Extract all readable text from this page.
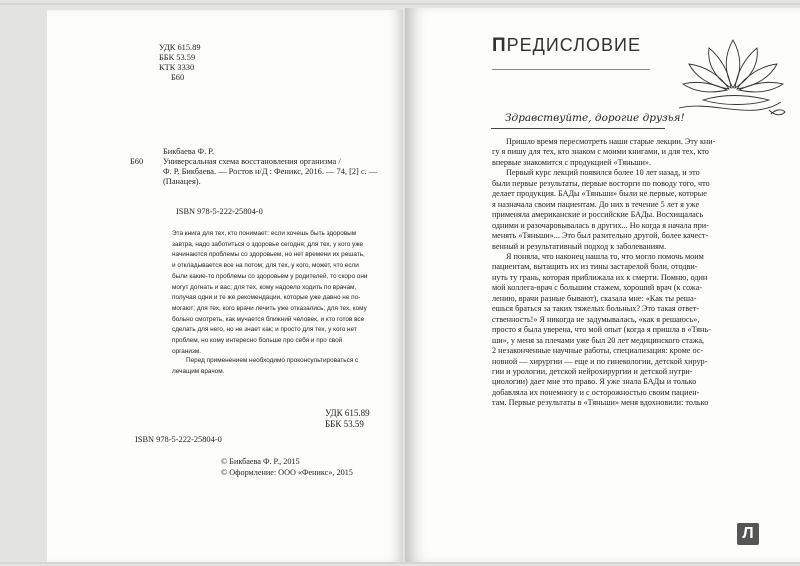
УДК 615.89
ББК 53.59
КТК 3330
Б60
Бикбаева Ф. Р.
Б60 Универсальная схема восстановления организма /
Ф. Р. Бикбаева. — Ростов н/Д : Феникс, 2016. — 74, [2] с. —
(Панацея).
ISBN 978-5-222-25804-0
Эта книга для тех, кто понимает: если хочешь быть здоровым
завтра, надо заботиться о здоровье сегодня; для тех, у кого уже
начинаются проблемы со здоровьем, но нет времени их решать,
и откладывается все на потом; для тех, у кого, может, что если
были какие-то проблемы со здоровьем у родителей, то скоро они
могут догнать и вас; для тех, кому надоело ходить по врачам,
получая одни и те же рекомендации, которые уже давно не по-
могают; для тех, кого врачи лечить уже отказались; для тех, кому
больно смотреть, как мучается ближний человек, и кто готов все
сделать для него, но не знает как; и просто для тех, у кого нет
проблем, но кому интересно больше про себя и про свой
организм.
Перед применением необходимо проконсультироваться с
лечащим врачом.
УДК 615.89
ББК 53.59
ISBN 978-5-222-25804-0
© Бикбаева Ф. Р., 2015
© Оформление: ООО «Феникс», 2015
ПРЕДИСЛОВИЕ
Здравствуйте, дорогие друзья!
Пришло время пересмотреть наши старые лекции. Эту кни-
гу я пишу для тех, кто знаком с моими книгами, и для тех, кто
впервые знакомится с продукцией «Тяньши».
Первый курс лекций появился более 10 лет назад, и это
были первые результаты, первые восторги по поводу того, что
делает продукция. БАДы «Тяньши» были не первые, которые
я назначала своим пациентам. До них в течение 5 лет я уже
применяла американские и российские БАДы. Восхищалась
одними и разочаровывалась в других... Но когда я начала при-
менять «Тяньши»... Это был разительно другой, более качест-
венный и результативный подход к заболеваниям.
Я поняла, что наконец нашла то, что могло помочь моим
пациентам, вытащить их из тины застарелой боли, отодви-
нуть ту грань, которая приближала их к смерти. Помню, один
мой коллега-врач с большим стажем, хороший врач (к сожа-
лению, врачи разные бывают), сказала мне: «Как ты реша-
ешься браться за таких тяжелых больных? Это такая ответ-
ственность!» Я никогда не задумывалась, «как я решаюсь»,
просто я была уверена, что мой опыт (когда я пришла в «Тянь-
ши», у меня за плечами уже был 20 лет медицинского стажа,
2 незаконченные научные работы, специализация: кроме ос-
новной — хирургии — еще и по гинекологии, детской хирур-
гии и урологии, детской нейрохирургии и детской нутри-
циологии) дает мне это право. Я уже знала БАДы и только
добавляла их понемногу и с осторожностью своим пациен-
там. Первые результаты в «Тяньши» меня вдохновили: только
Л
